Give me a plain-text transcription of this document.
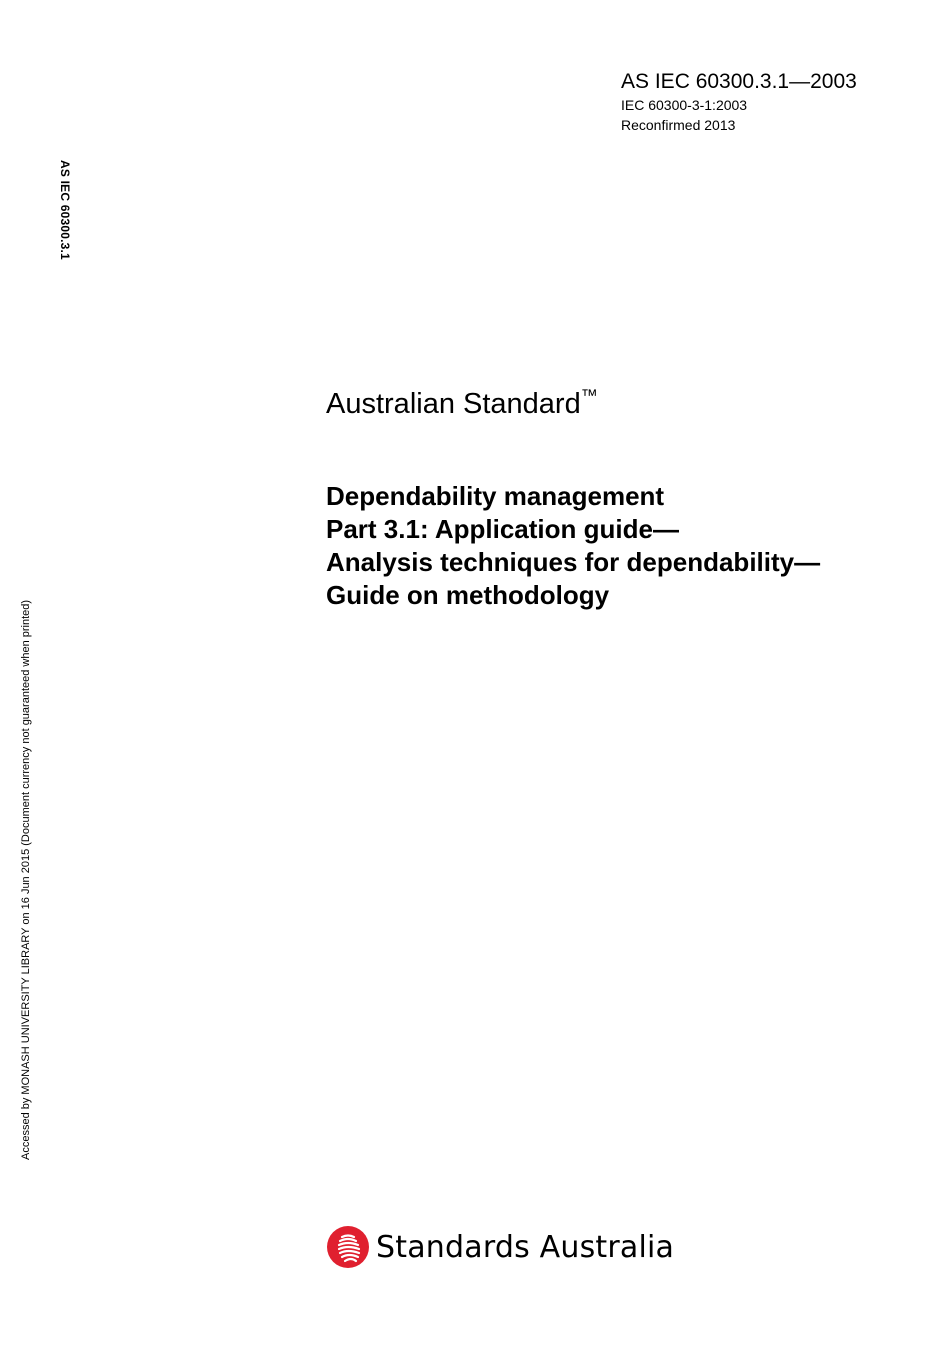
AS IEC 60300.3.1—2003

IEC 60300-3-1:2003

Reconfirmed 2013

AS IEC 60300.3.1
Accessed by MONASH UNIVERSITY LIBRARY on 16 Jun 2015 (Document currency not guaranteed when printed)

Australian Standard™

Dependability management

Part 3.1: Application guide—

Analysis techniques for dependability—

Guide on methodology

Standards Australia
